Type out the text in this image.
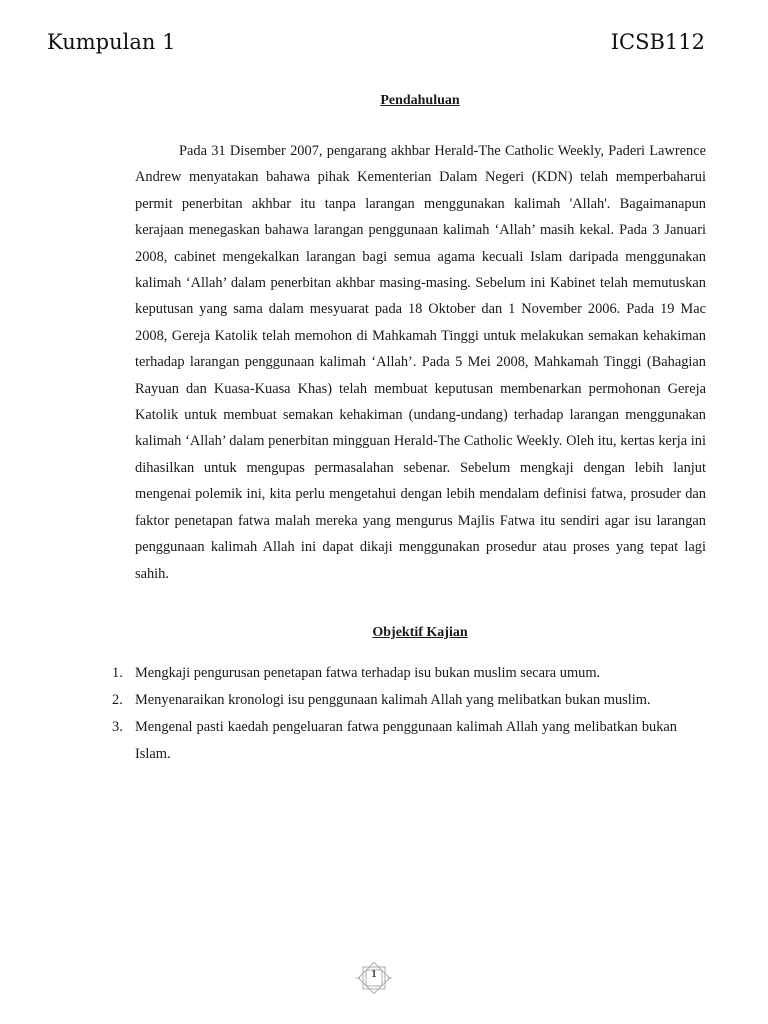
Kumpulan 1	ICSB112
Pendahuluan

Pada 31 Disember 2007, pengarang akhbar Herald-The Catholic Weekly, Paderi Lawrence Andrew menyatakan bahawa pihak Kementerian Dalam Negeri (KDN) telah memperbaharui permit penerbitan akhbar itu tanpa larangan menggunakan kalimah 'Allah'. Bagaimanapun kerajaan menegaskan bahawa larangan penggunaan kalimah ‘Allah’ masih kekal. Pada 3 Januari 2008, cabinet mengekalkan larangan bagi semua agama kecuali Islam daripada menggunakan kalimah ‘Allah’ dalam penerbitan akhbar masing-masing. Sebelum ini Kabinet telah memutuskan keputusan yang sama dalam mesyuarat pada 18 Oktober dan 1 November 2006. Pada 19 Mac 2008, Gereja Katolik telah memohon di Mahkamah Tinggi untuk melakukan semakan kehakiman terhadap larangan penggunaan kalimah ‘Allah’. Pada 5 Mei 2008, Mahkamah Tinggi (Bahagian Rayuan dan Kuasa-Kuasa Khas) telah membuat keputusan membenarkan permohonan Gereja Katolik untuk membuat semakan kehakiman (undang-undang) terhadap larangan menggunakan kalimah ‘Allah’ dalam penerbitan mingguan Herald-The Catholic Weekly. Oleh itu, kertas kerja ini dihasilkan untuk mengupas permasalahan sebenar. Sebelum mengkaji dengan lebih lanjut mengenai polemik ini, kita perlu mengetahui dengan lebih mendalam definisi fatwa, prosuder dan faktor penetapan fatwa malah mereka yang mengurus Majlis Fatwa itu sendiri agar isu larangan penggunaan kalimah Allah ini dapat dikaji menggunakan prosedur atau proses yang tepat lagi sahih.

Objektif Kajian
1. Mengkaji pengurusan penetapan fatwa terhadap isu bukan muslim secara umum.
2. Menyenaraikan kronologi isu penggunaan kalimah Allah yang melibatkan bukan muslim.
3. Mengenal pasti kaedah pengeluaran fatwa penggunaan kalimah Allah yang melibatkan bukan Islam.
1
